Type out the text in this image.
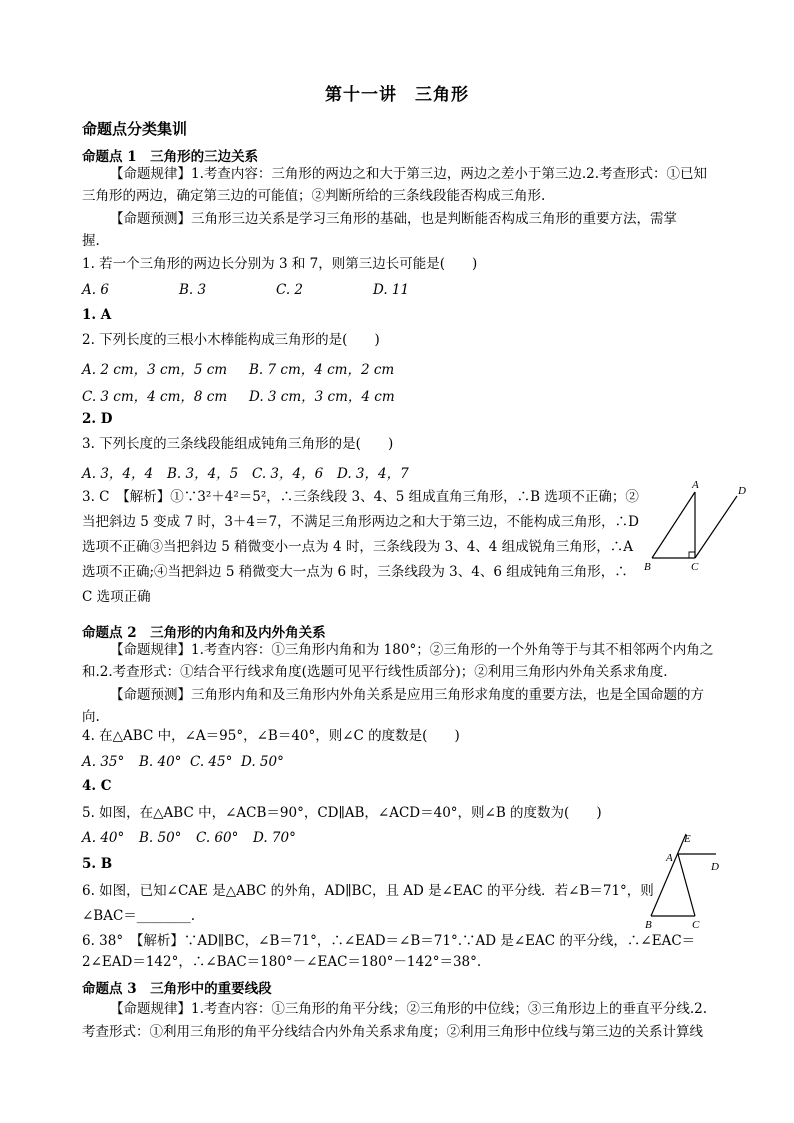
第十一讲　三角形
命题点分类集训
命题点 1　三角形的三边关系
【命题规律】1.考查内容：三角形的两边之和大于第三边，两边之差小于第三边.2.考查形式：①已知
三角形的两边，确定第三边的可能值；②判断所给的三条线段能否构成三角形.
【命题预测】三角形三边关系是学习三角形的基础，也是判断能否构成三角形的重要方法，需掌
握.
1. 若一个三角形的两边长分别为 3 和 7，则第三边长可能是(　　)
A. 6	B. 3	C. 2	D. 11
1. A
2. 下列长度的三根小木棒能构成三角形的是(　　)
A. 2 cm，3 cm，5 cm B. 7 cm，4 cm，2 cm
C. 3 cm，4 cm，8 cm D. 3 cm，3 cm，4 cm
2. D
3. 下列长度的三条线段能组成钝角三角形的是(　　)
A. 3，4，4 B. 3，4，5 C. 3，4，6 D. 3，4，7
3. C　【解析】①∵3²＋4²＝5²，∴三条线段 3、4、5 组成直角三角形，∴B 选项不正确；②
当把斜边 5 变成 7 时，3＋4＝7，不满足三角形两边之和大于第三边，不能构成三角形，∴D
选项不正确③当把斜边 5 稍微变小一点为 4 时，三条线段为 3、4、4 组成锐角三角形，∴A
选项不正确;④当把斜边 5 稍微变大一点为 6 时，三条线段为 3、4、6 组成钝角三角形，∴
C 选项正确
A	D
B	C
命题点 2　三角形的内角和及内外角关系
【命题规律】1.考查内容：①三角形内角和为 180°；②三角形的一个外角等于与其不相邻两个内角之
和.2.考查形式：①结合平行线求角度(选题可见平行线性质部分)；②利用三角形内外角关系求角度.
【命题预测】三角形内角和及三角形内外角关系是应用三角形求角度的重要方法，也是全国命题的方
向.
4. 在△ABC 中，∠A＝95°，∠B＝40°，则∠C 的度数是(　　)
A. 35° B. 40° C. 45° D. 50°
4. C
5. 如图，在△ABC 中，∠ACB＝90°，CD∥AB，∠ACD＝40°，则∠B 的度数为(　　)
A. 40° B. 50° C. 60° D. 70°
5. B
6. 如图，已知∠CAE 是△ABC 的外角，AD∥BC，且 AD 是∠EAC 的平分线．若∠B＝71°，则
∠BAC＝________.
6. 38°　【解析】∵AD∥BC，∠B＝71°，∴∠EAD＝∠B＝71°.∵AD 是∠EAC 的平分线，∴∠EAC＝
2∠EAD＝142°，∴∠BAC＝180°－∠EAC＝180°－142°＝38°.
E
A
D
B	C
命题点 3　三角形中的重要线段
【命题规律】1.考查内容：①三角形的角平分线；②三角形的中位线；③三角形边上的垂直平分线.2.
考查形式：①利用三角形的角平分线结合内外角关系求角度；②利用三角形中位线与第三边的关系计算线
